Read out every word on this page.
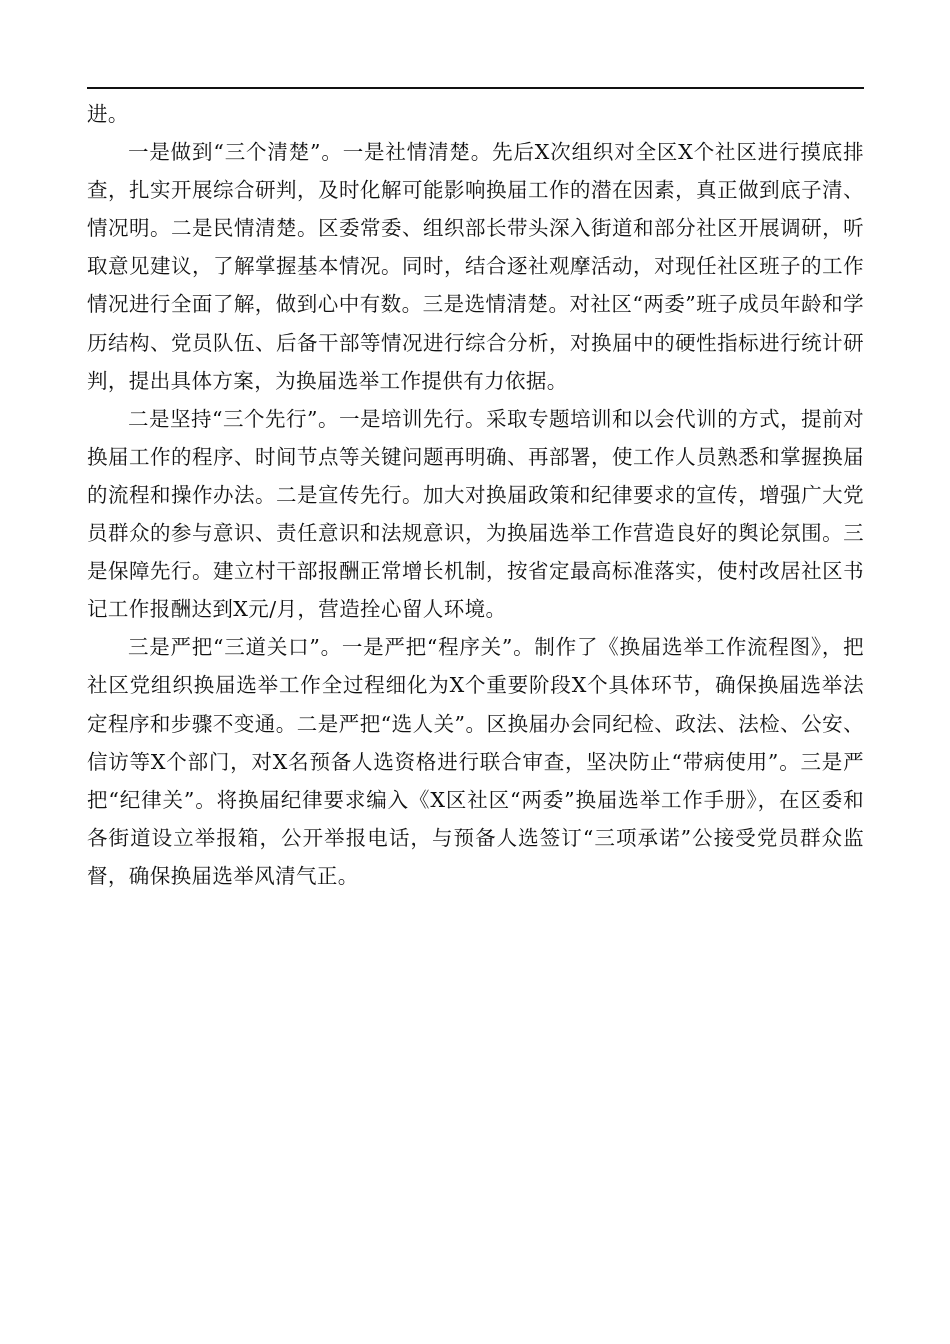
进。

一是做到“三个清楚”。一是社情清楚。先后X次组织对全区X个社区进行摸底排查，扎实开展综合研判，及时化解可能影响换届工作的潜在因素，真正做到底子清、情况明。二是民情清楚。区委常委、组织部长带头深入街道和部分社区开展调研，听取意见建议，了解掌握基本情况。同时，结合逐社观摩活动，对现任社区班子的工作情况进行全面了解，做到心中有数。三是选情清楚。对社区“两委”班子成员年龄和学历结构、党员队伍、后备干部等情况进行综合分析，对换届中的硬性指标进行统计研判，提出具体方案，为换届选举工作提供有力依据。

二是坚持“三个先行”。一是培训先行。采取专题培训和以会代训的方式，提前对换届工作的程序、时间节点等关键问题再明确、再部署，使工作人员熟悉和掌握换届的流程和操作办法。二是宣传先行。加大对换届政策和纪律要求的宣传，增强广大党员群众的参与意识、责任意识和法规意识，为换届选举工作营造良好的舆论氛围。三是保障先行。建立村干部报酬正常增长机制，按省定最高标准落实，使村改居社区书记工作报酬达到X元/月，营造拴心留人环境。

三是严把“三道关口”。一是严把“程序关”。制作了《换届选举工作流程图》，把社区党组织换届选举工作全过程细化为X个重要阶段X个具体环节，确保换届选举法定程序和步骤不变通。二是严把“选人关”。区换届办会同纪检、政法、法检、公安、信访等X个部门，对X名预备人选资格进行联合审查，坚决防止“带病使用”。三是严把“纪律关”。将换届纪律要求编入《X区社区“两委”换届选举工作手册》，在区委和各街道设立举报箱，公开举报电话，与预备人选签订“三项承诺”公接受党员群众监督，确保换届选举风清气正。
